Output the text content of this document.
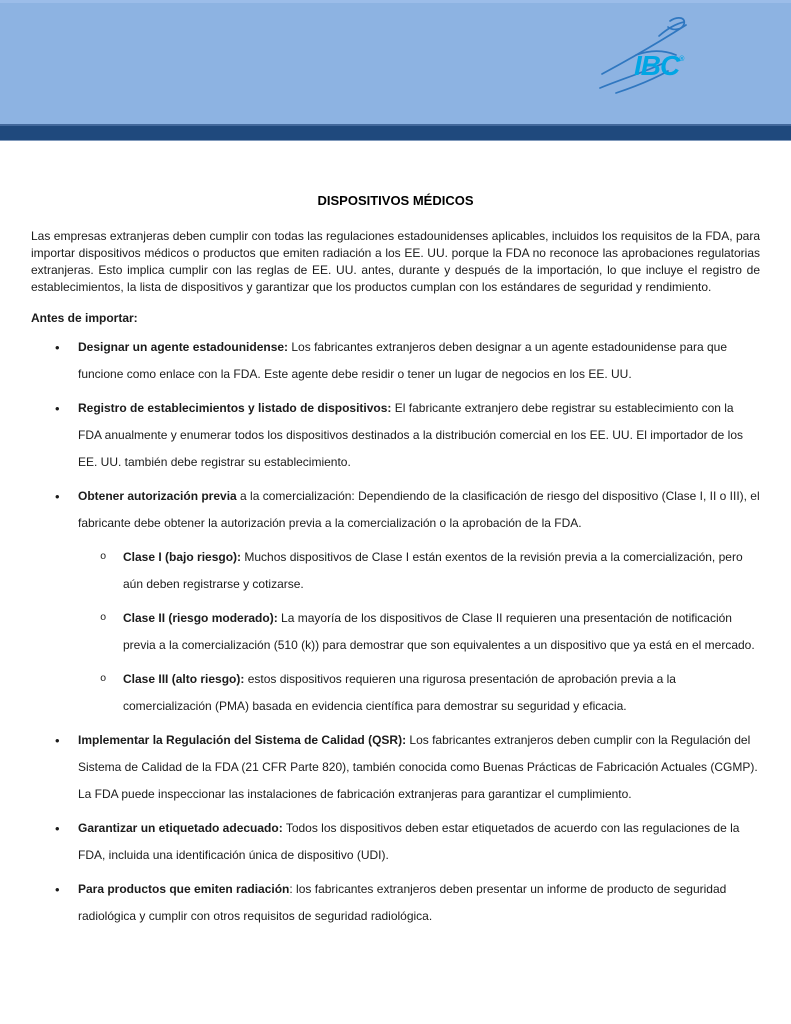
IBC®
DISPOSITIVOS MÉDICOS

Las empresas extranjeras deben cumplir con todas las regulaciones estadounidenses aplicables, incluidos los requisitos de la FDA, para importar dispositivos médicos o productos que emiten radiación a los EE. UU. porque la FDA no reconoce las aprobaciones regulatorias extranjeras. Esto implica cumplir con las reglas de EE. UU. antes, durante y después de la importación, lo que incluye el registro de establecimientos, la lista de dispositivos y garantizar que los productos cumplan con los estándares de seguridad y rendimiento.

Antes de importar:
• Designar un agente estadounidense: Los fabricantes extranjeros deben designar a un agente estadounidense para que funcione como enlace con la FDA. Este agente debe residir o tener un lugar de negocios en los EE. UU.
• Registro de establecimientos y listado de dispositivos: El fabricante extranjero debe registrar su establecimiento con la FDA anualmente y enumerar todos los dispositivos destinados a la distribución comercial en los EE. UU. El importador de los EE. UU. también debe registrar su establecimiento.
• Obtener autorización previa a la comercialización: Dependiendo de la clasificación de riesgo del dispositivo (Clase I, II o III), el fabricante debe obtener la autorización previa a la comercialización o la aprobación de la FDA.
o Clase I (bajo riesgo): Muchos dispositivos de Clase I están exentos de la revisión previa a la comercialización, pero aún deben registrarse y cotizarse.
o Clase II (riesgo moderado): La mayoría de los dispositivos de Clase II requieren una presentación de notificación previa a la comercialización (510 (k)) para demostrar que son equivalentes a un dispositivo que ya está en el mercado.
o Clase III (alto riesgo): estos dispositivos requieren una rigurosa presentación de aprobación previa a la comercialización (PMA) basada en evidencia científica para demostrar su seguridad y eficacia.
• Implementar la Regulación del Sistema de Calidad (QSR): Los fabricantes extranjeros deben cumplir con la Regulación del Sistema de Calidad de la FDA (21 CFR Parte 820), también conocida como Buenas Prácticas de Fabricación Actuales (CGMP). La FDA puede inspeccionar las instalaciones de fabricación extranjeras para garantizar el cumplimiento.
• Garantizar un etiquetado adecuado: Todos los dispositivos deben estar etiquetados de acuerdo con las regulaciones de la FDA, incluida una identificación única de dispositivo (UDI).
• Para productos que emiten radiación: los fabricantes extranjeros deben presentar un informe de producto de seguridad radiológica y cumplir con otros requisitos de seguridad radiológica.
